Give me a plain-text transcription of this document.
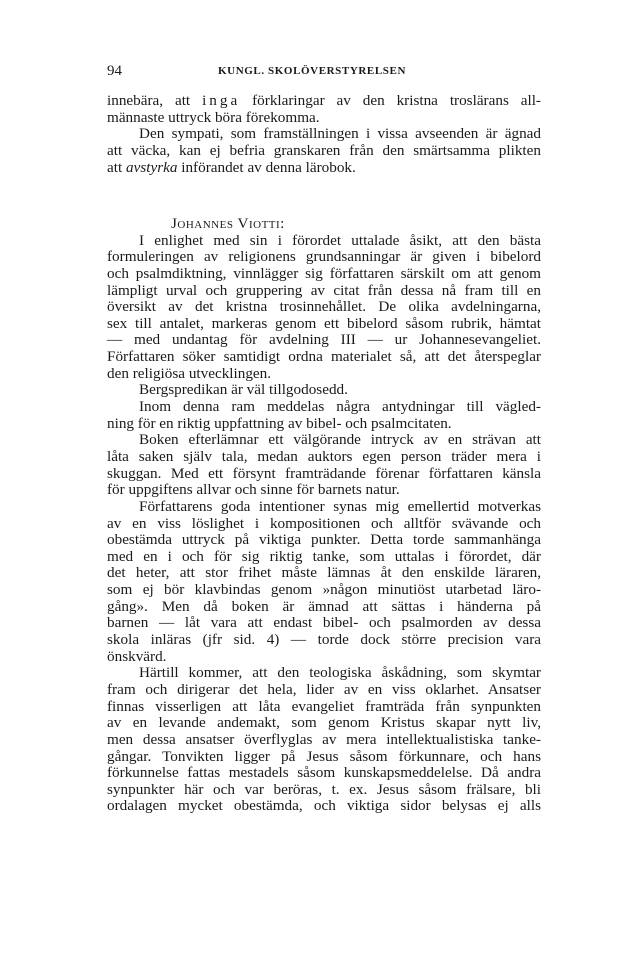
94	KUNGL. SKOLÖVERSTYRELSEN
innebära, att inga förklaringar av den kristna troslärans all-
männaste uttryck böra förekomma.
Den sympati, som framställningen i vissa avseenden är ägnad
att väcka, kan ej befria granskaren från den smärtsamma plikten
att avstyrka införandet av denna lärobok.
Johannes Viotti:
I enlighet med sin i förordet uttalade åsikt, att den bästa
formuleringen av religionens grundsanningar är given i bibelord
och psalmdiktning, vinnlägger sig författaren särskilt om att genom
lämpligt urval och gruppering av citat från dessa nå fram till en
översikt av det kristna trosinnehållet. De olika avdelningarna,
sex till antalet, markeras genom ett bibelord såsom rubrik, hämtat
— med undantag för avdelning III — ur Johannesevangeliet.
Författaren söker samtidigt ordna materialet så, att det återspeglar
den religiösa utvecklingen.
Bergspredikan är väl tillgodosedd.
Inom denna ram meddelas några antydningar till vägled-
ning för en riktig uppfattning av bibel- och psalmcitaten.
Boken efterlämnar ett välgörande intryck av en strävan att
låta saken själv tala, medan auktors egen person träder mera i
skuggan. Med ett försynt framträdande förenar författaren känsla
för uppgiftens allvar och sinne för barnets natur.
Författarens goda intentioner synas mig emellertid motverkas
av en viss löslighet i kompositionen och alltför svävande och
obestämda uttryck på viktiga punkter. Detta torde sammanhänga
med en i och för sig riktig tanke, som uttalas i förordet, där
det heter, att stor frihet måste lämnas åt den enskilde läraren,
som ej bör klavbindas genom »någon minutiöst utarbetad läro-
gång». Men då boken är ämnad att sättas i händerna på
barnen — låt vara att endast bibel- och psalmorden av dessa
skola inläras (jfr sid. 4) — torde dock större precision vara
önskvärd.
Härtill kommer, att den teologiska åskådning, som skymtar
fram och dirigerar det hela, lider av en viss oklarhet. Ansatser
finnas visserligen att låta evangeliet framträda från synpunkten
av en levande andemakt, som genom Kristus skapar nytt liv,
men dessa ansatser överflyglas av mera intellektualistiska tanke-
gångar. Tonvikten ligger på Jesus såsom förkunnare, och hans
förkunnelse fattas mestadels såsom kunskapsmeddelelse. Då andra
synpunkter här och var beröras, t. ex. Jesus såsom frälsare, bli
ordalagen mycket obestämda, och viktiga sidor belysas ej alls
